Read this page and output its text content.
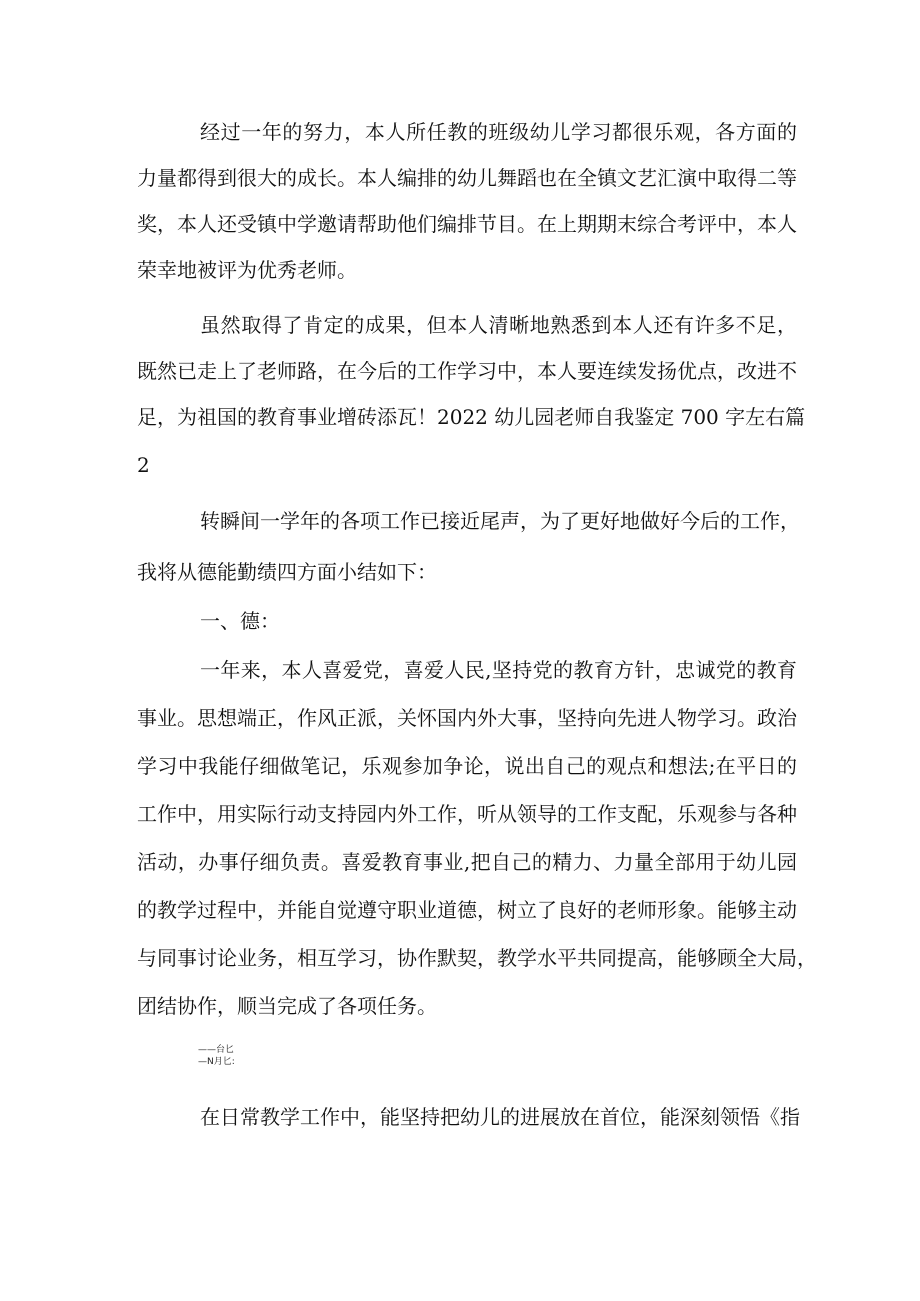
经过一年的努力，本人所任教的班级幼儿学习都很乐观，各方面的
力量都得到很大的成长。本人编排的幼儿舞蹈也在全镇文艺汇演中取得二等
奖，本人还受镇中学邀请帮助他们编排节目。在上期期末综合考评中，本人
荣幸地被评为优秀老师。
虽然取得了肯定的成果，但本人清晰地熟悉到本人还有许多不足，
既然已走上了老师路，在今后的工作学习中，本人要连续发扬优点，改进不
足，为祖国的教育事业增砖添瓦！2022 幼儿园老师自我鉴定 700 字左右篇
2
转瞬间一学年的各项工作已接近尾声，为了更好地做好今后的工作，
我将从德能勤绩四方面小结如下：
一、德：
一年来，本人喜爱党，喜爱人民,坚持党的教育方针，忠诚党的教育
事业。思想端正，作风正派，关怀国内外大事，坚持向先进人物学习。政治
学习中我能仔细做笔记，乐观参加争论，说出自己的观点和想法;在平日的
工作中，用实际行动支持园内外工作，听从领导的工作支配，乐观参与各种
活动，办事仔细负责。喜爱教育事业,把自己的精力、力量全部用于幼儿园
的教学过程中，并能自觉遵守职业道德，树立了良好的老师形象。能够主动
与同事讨论业务，相互学习，协作默契，教学水平共同提高，能够顾全大局，
团结协作，顺当完成了各项任务。
——台匕
—N月匕:
在日常教学工作中，能坚持把幼儿的进展放在首位，能深刻领悟《指
